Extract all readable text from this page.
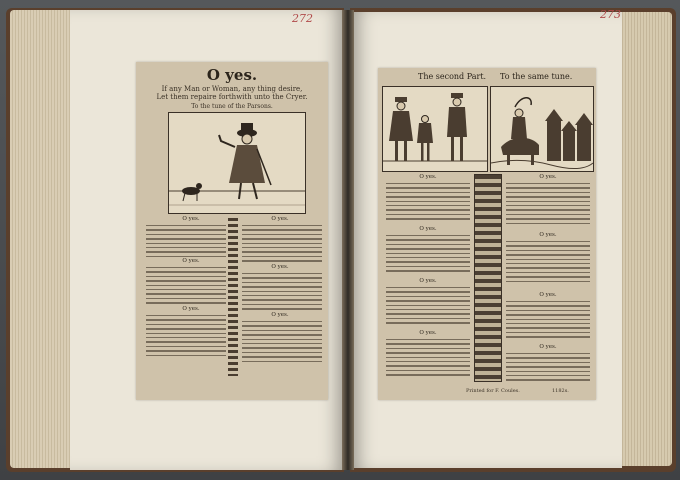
272	273
O yes.
If any Man or Woman, any thing desire,
Let them repaire forthwith unto the Cryer.
To the tune of the Parsons.
O yes.
O yes.
O yes.
O yes.
O yes.
O yes.
The second Part. To the same tune.
O yes.
O yes.
O yes.
O yes.
O yes.
O yes.
O yes.
O yes.
Printed for F. Coules.	1182s.
